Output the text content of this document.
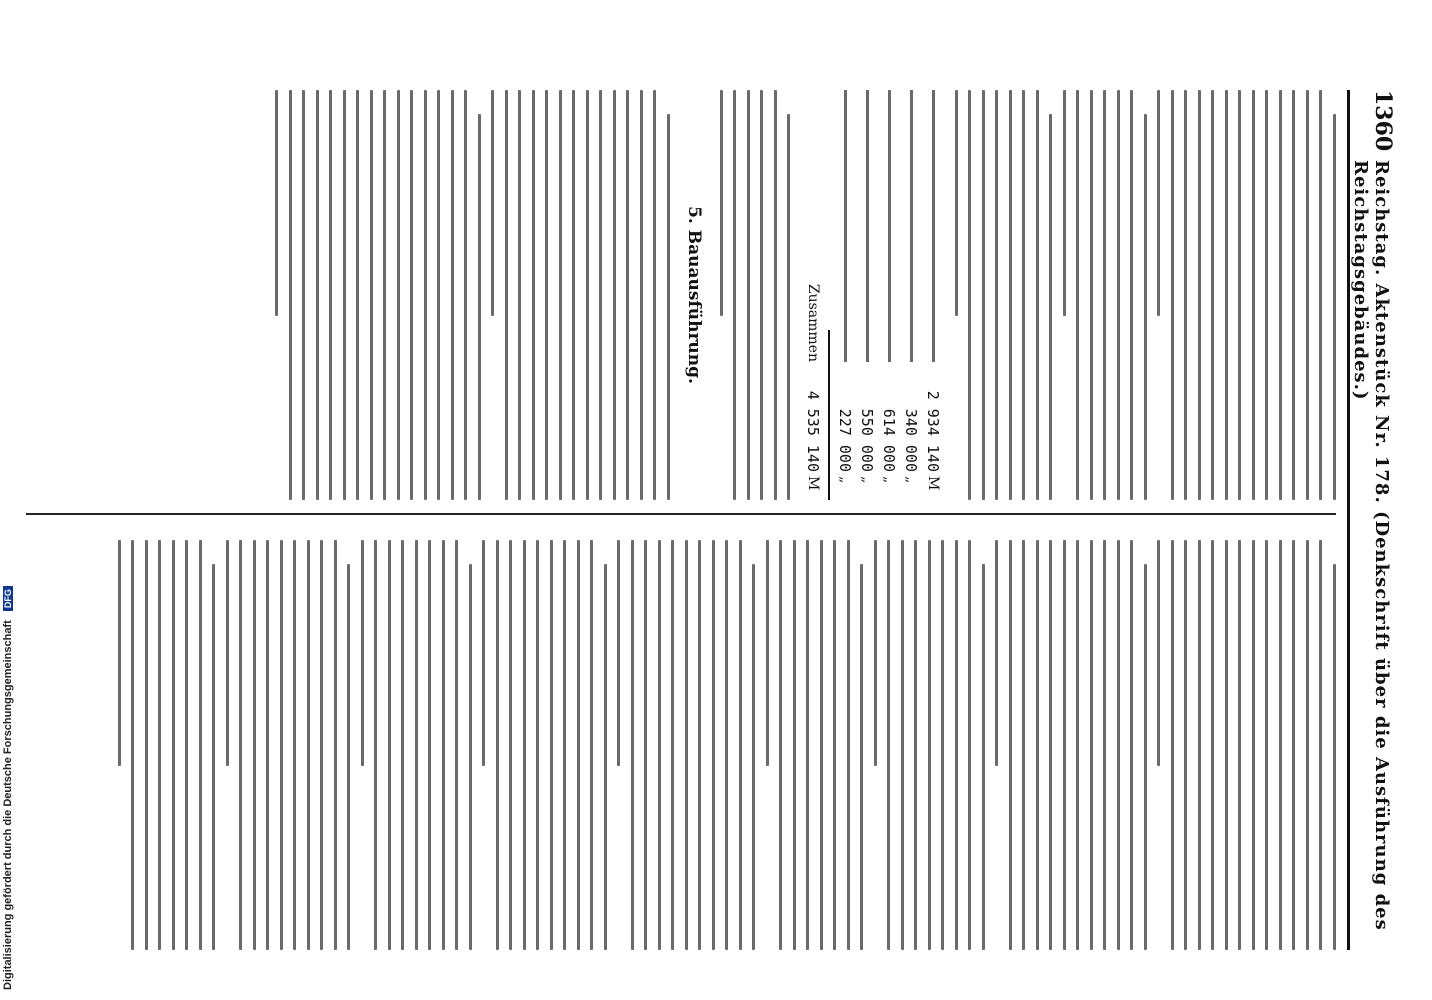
Digitalisierung gefördert durch die Deutsche Forschungsgemeinschaft DFG
1360
Reichstag. Aktenstück Nr. 178. (Denkschrift über die Ausführung des Reichstagsgebäudes.)
2 934 140
M
340 000
„
614 000
„
550 000
„
227 000
„
Zusammen
4 535 140
M
5. Bauausführung.
